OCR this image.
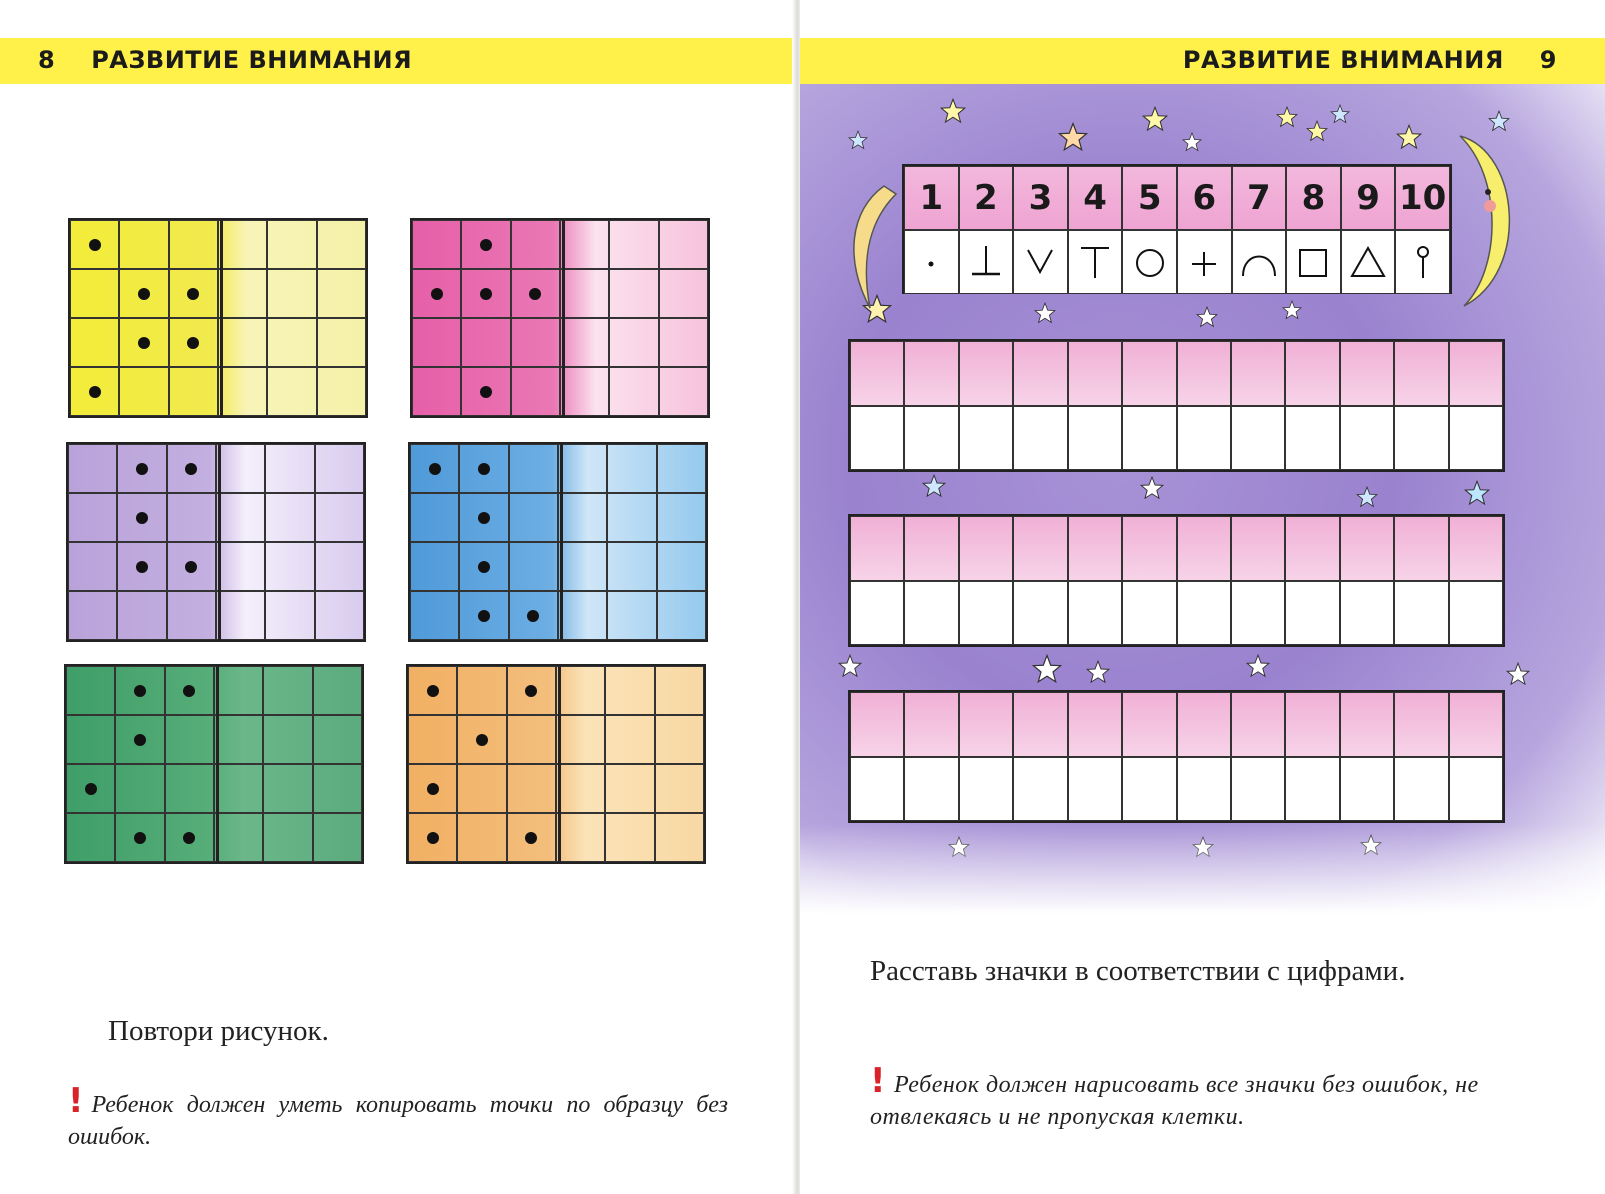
8 РАЗВИТИЕ ВНИМАНИЯ
Повтори рисунок.
! Ребенок должен уметь копировать точки по образцу без ошибок.
РАЗВИТИЕ ВНИМАНИЯ 9
1 2 3 4 5 6 7 8 9 10
Расставь значки в соответствии с цифрами.
! Ребенок должен нарисовать все значки без ошибок, не отвлекаясь и не пропуская клетки.
